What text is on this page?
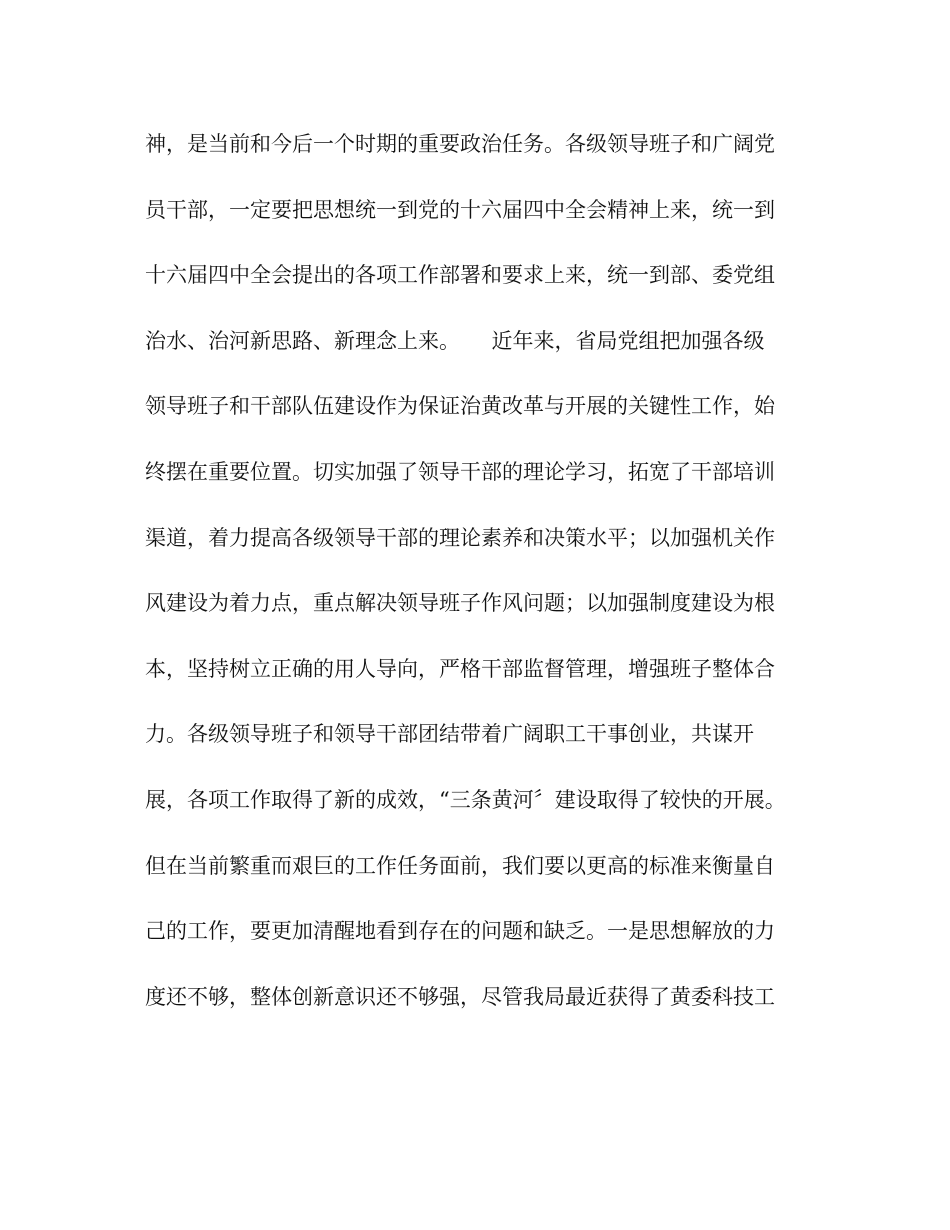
神，是当前和今后一个时期的重要政治任务。各级领导班子和广阔党
员干部，一定要把思想统一到党的十六届四中全会精神上来，统一到
十六届四中全会提出的各项工作部署和要求上来，统一到部、委党组
治水、治河新思路、新理念上来。　　近年来，省局党组把加强各级
领导班子和干部队伍建设作为保证治黄改革与开展的关键性工作，始
终摆在重要位置。切实加强了领导干部的理论学习，拓宽了干部培训
渠道，着力提高各级领导干部的理论素养和决策水平；以加强机关作
风建设为着力点，重点解决领导班子作风问题；以加强制度建设为根
本，坚持树立正确的用人导向，严格干部监督管理，增强班子整体合
力。各级领导班子和领导干部团结带着广阔职工干事创业，共谋开
展，各项工作取得了新的成效，“三条黄河〞建设取得了较快的开展。
但在当前繁重而艰巨的工作任务面前，我们要以更高的标准来衡量自
己的工作，要更加清醒地看到存在的问题和缺乏。一是思想解放的力
度还不够，整体创新意识还不够强，尽管我局最近获得了黄委科技工
